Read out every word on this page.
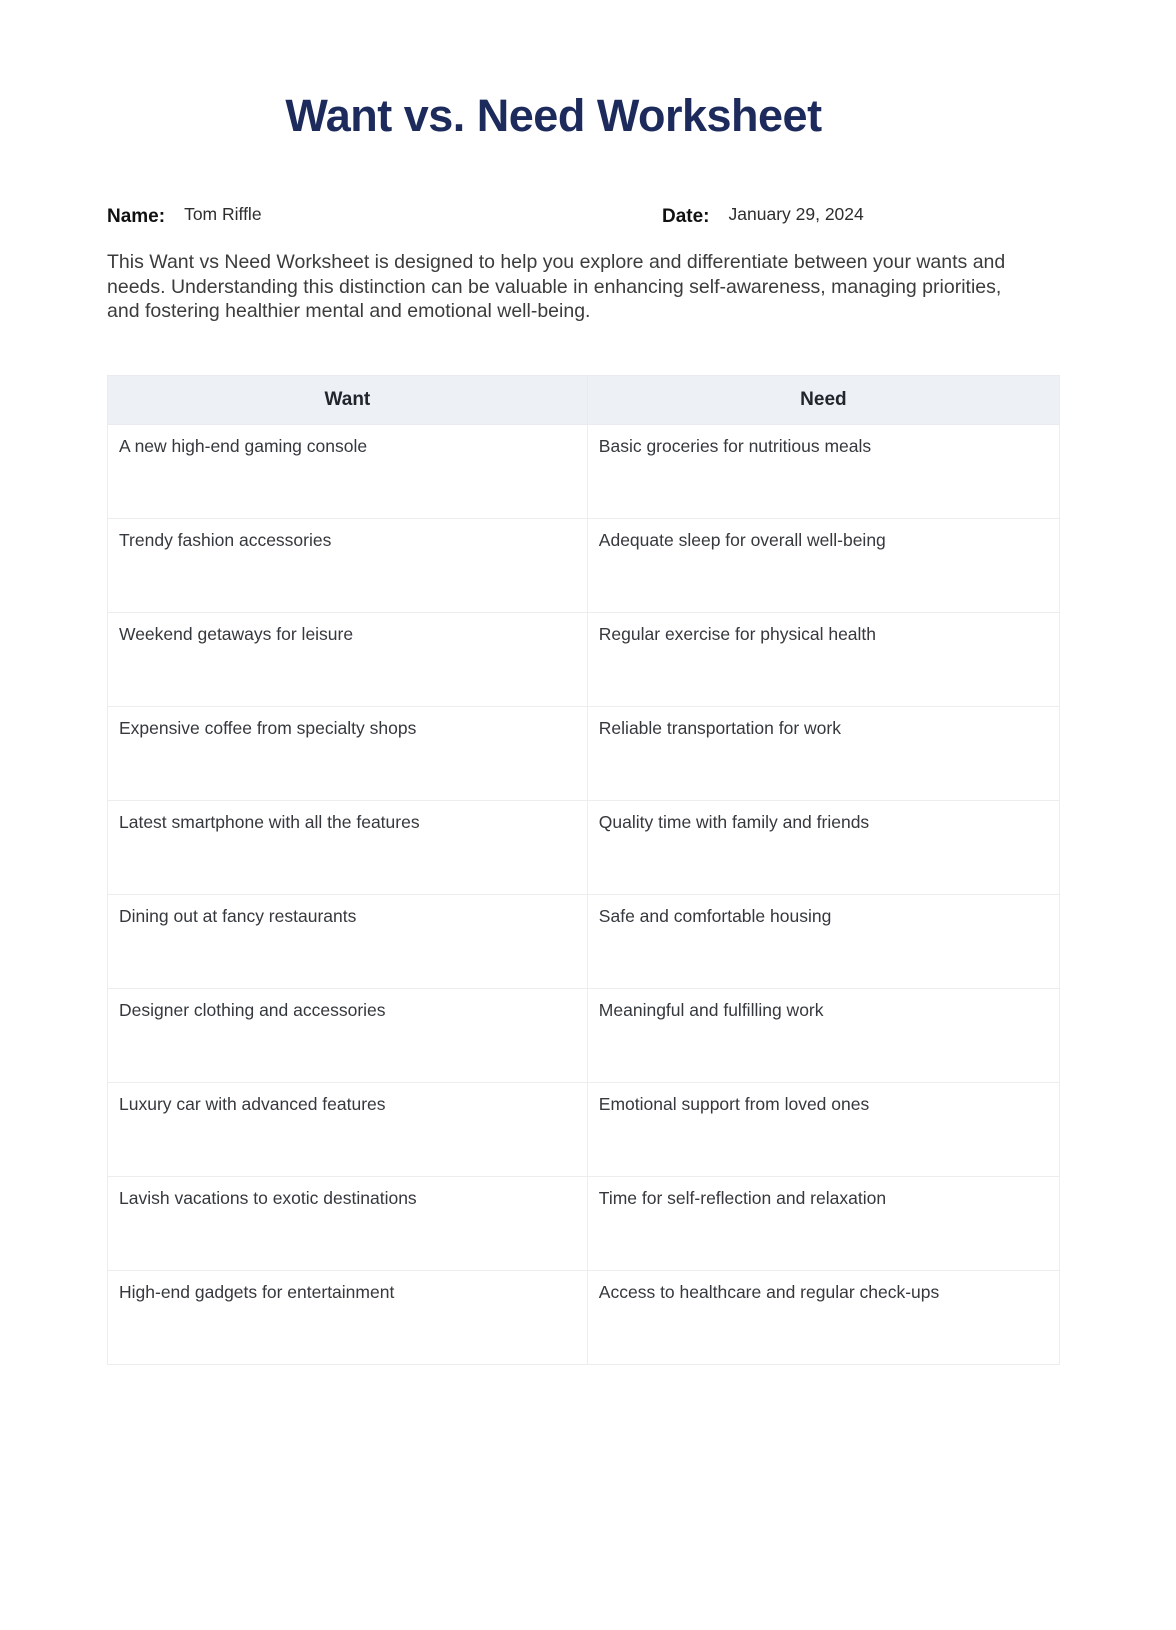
Want vs. Need Worksheet
Name: Tom Riffle	Date: January 29, 2024

This Want vs Need Worksheet is designed to help you explore and differentiate between your wants and needs. Understanding this distinction can be valuable in enhancing self-awareness, managing priorities, and fostering healthier mental and emotional well-being.

Want	Need
A new high-end gaming console	Basic groceries for nutritious meals
Trendy fashion accessories	Adequate sleep for overall well-being
Weekend getaways for leisure	Regular exercise for physical health
Expensive coffee from specialty shops	Reliable transportation for work
Latest smartphone with all the features	Quality time with family and friends
Dining out at fancy restaurants	Safe and comfortable housing
Designer clothing and accessories	Meaningful and fulfilling work
Luxury car with advanced features	Emotional support from loved ones
Lavish vacations to exotic destinations	Time for self-reflection and relaxation
High-end gadgets for entertainment	Access to healthcare and regular check-ups
